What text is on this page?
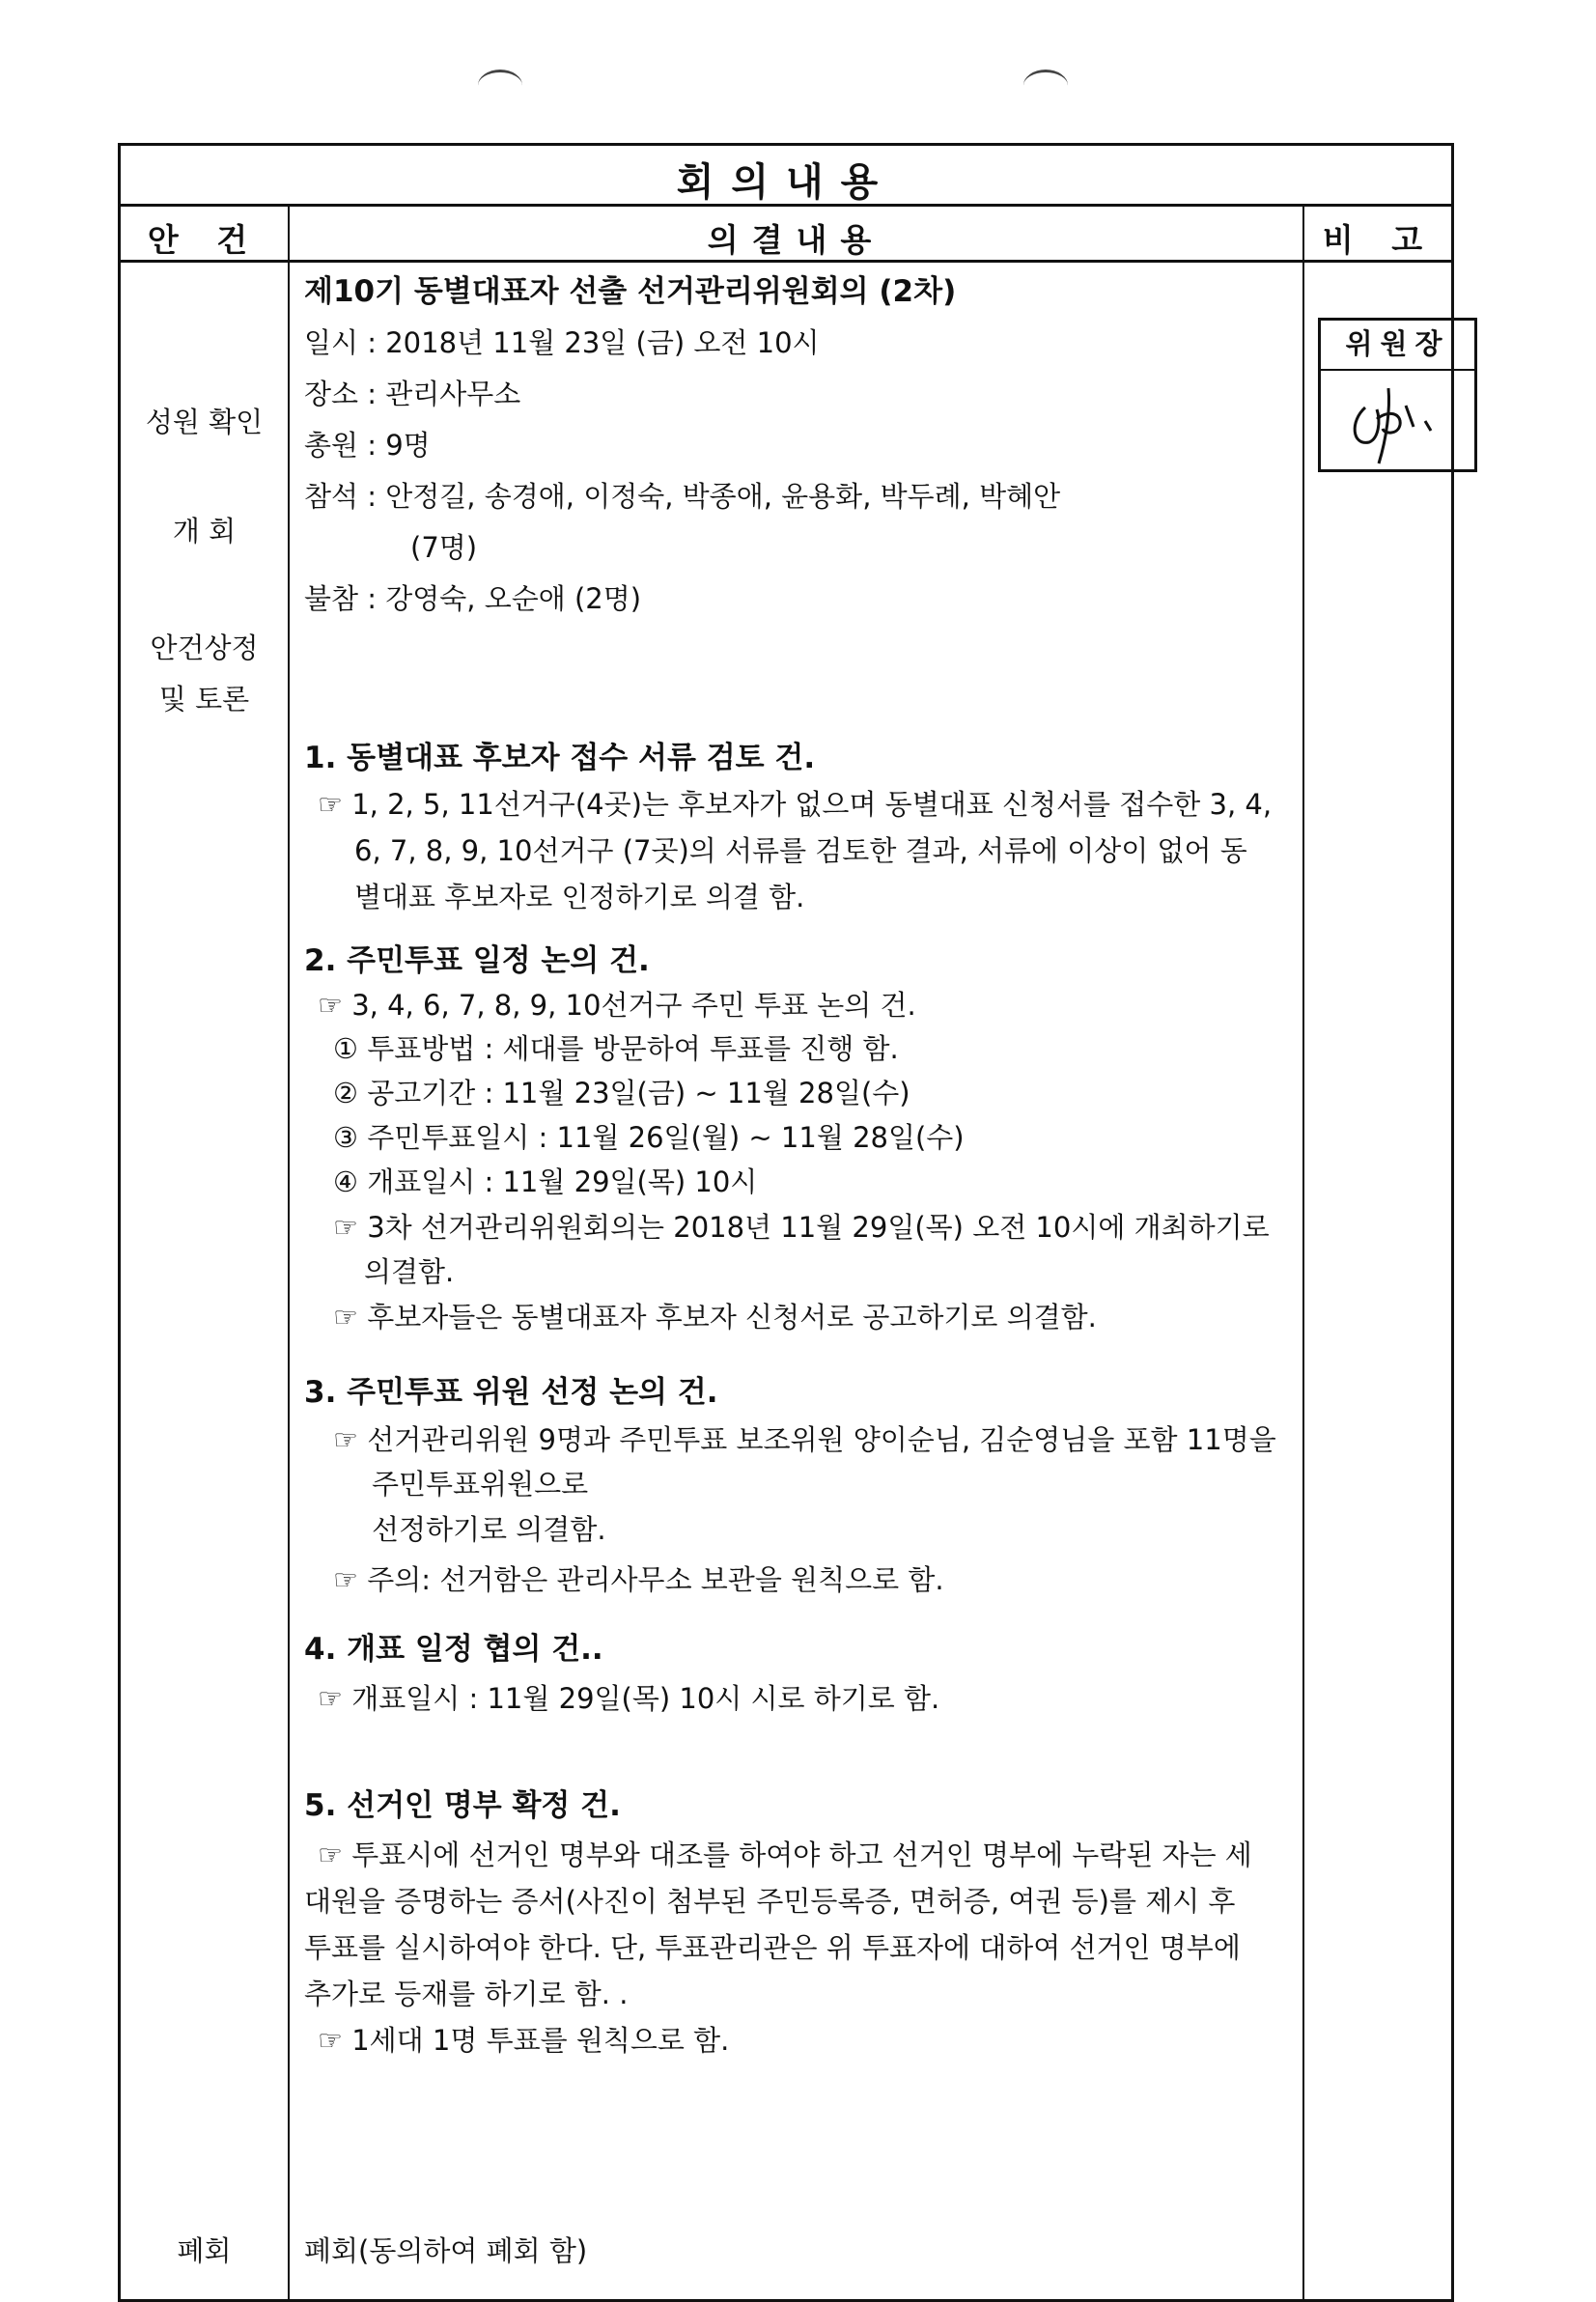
회의내용
안 건	의결내용	비 고
성원 확인
개 회
안건상정
및 토론
폐회
위원장
제10기 동별대표자 선출 선거관리위원회의 (2차)
일시 : 2018년 11월 23일 (금) 오전 10시
장소 : 관리사무소
총원 : 9명
참석 : 안정길, 송경애, 이정숙, 박종애, 윤용화, 박두례, 박혜안
(7명)
불참 : 강영숙, 오순애 (2명)
1. 동별대표 후보자 접수 서류 검토 건.
☞ 1, 2, 5, 11선거구(4곳)는 후보자가 없으며 동별대표 신청서를 접수한 3, 4,
6, 7, 8, 9, 10선거구 (7곳)의 서류를 검토한 결과, 서류에 이상이 없어 동
별대표 후보자로 인정하기로 의결 함.
2. 주민투표 일정 논의 건.
☞ 3, 4, 6, 7, 8, 9, 10선거구 주민 투표 논의 건.
① 투표방법 : 세대를 방문하여 투표를 진행 함.
② 공고기간 : 11월 23일(금) ~ 11월 28일(수)
③ 주민투표일시 : 11월 26일(월) ~ 11월 28일(수)
④ 개표일시 : 11월 29일(목) 10시
☞ 3차 선거관리위원회의는 2018년 11월 29일(목) 오전 10시에 개최하기로
의결함.
☞ 후보자들은 동별대표자 후보자 신청서로 공고하기로 의결함.
3. 주민투표 위원 선정 논의 건.
☞ 선거관리위원 9명과 주민투표 보조위원 양이순님, 김순영님을 포함 11명을
주민투표위원으로
선정하기로 의결함.
☞ 주의: 선거함은 관리사무소 보관을 원칙으로 함.
4. 개표 일정 협의 건..
☞ 개표일시 : 11월 29일(목) 10시 시로 하기로 함.
5. 선거인 명부 확정 건.
☞ 투표시에 선거인 명부와 대조를 하여야 하고 선거인 명부에 누락된 자는 세
대원을 증명하는 증서(사진이 첨부된 주민등록증, 면허증, 여권 등)를 제시 후
투표를 실시하여야 한다. 단, 투표관리관은 위 투표자에 대하여 선거인 명부에
추가로 등재를 하기로 함. .
☞ 1세대 1명 투표를 원칙으로 함.
폐회(동의하여 폐회 함)
